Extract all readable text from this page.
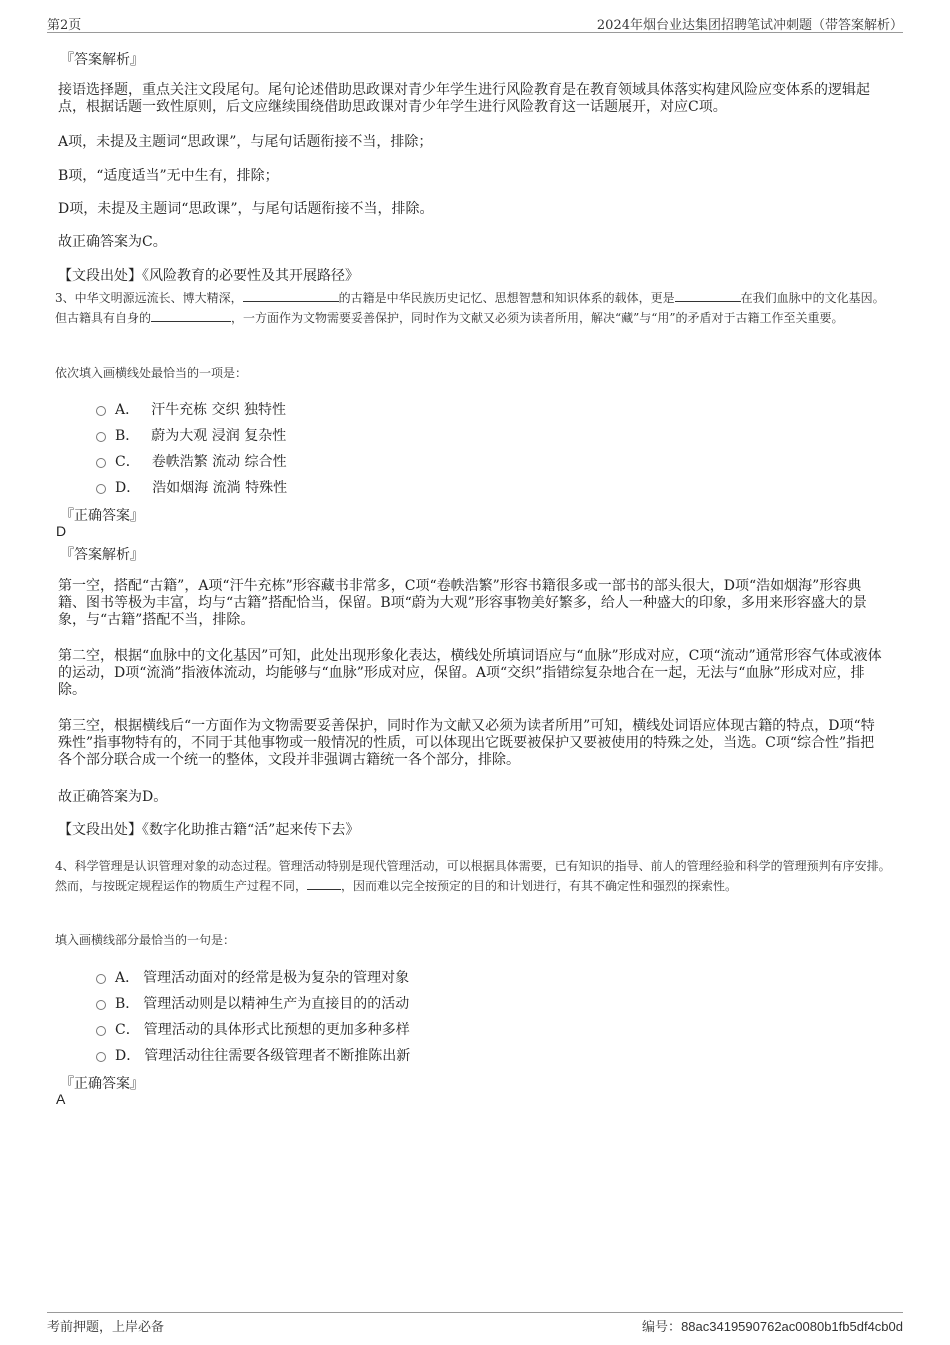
第2页	2024年烟台业达集团招聘笔试冲刺题（带答案解析）
『答案解析』

接语选择题，重点关注文段尾句。尾句论述借助思政课对青少年学生进行风险教育是在教育领域具体落实构建风险应变体系的逻辑起点，根据话题一致性原则，后文应继续围绕借助思政课对青少年学生进行风险教育这一话题展开，对应C项。

A项，未提及主题词“思政课”，与尾句话题衔接不当，排除；

B项，“适度适当”无中生有，排除；

D项，未提及主题词“思政课”，与尾句话题衔接不当，排除。

故正确答案为C。

【文段出处】《风险教育的必要性及其开展路径》

3、中华文明源远流长、博大精深，	的古籍是中华民族历史记忆、思想智慧和知识体系的载体，更是	在我们血脉中的文化基因。但古籍具有自身的	，一方面作为文物需要妥善保护，同时作为文献又必须为读者所用，解决“藏”与“用”的矛盾对于古籍工作至关重要。

依次填入画横线处最恰当的一项是：

A． 汗牛充栋 交织 独特性
B． 蔚为大观 浸润 复杂性
C． 卷帙浩繁 流动 综合性
D． 浩如烟海 流淌 特殊性
『正确答案』
D
『答案解析』

第一空，搭配“古籍”，A项“汗牛充栋”形容藏书非常多，C项“卷帙浩繁”形容书籍很多或一部书的部头很大，D项“浩如烟海”形容典籍、图书等极为丰富，均与“古籍”搭配恰当，保留。B项“蔚为大观”形容事物美好繁多，给人一种盛大的印象，多用来形容盛大的景象，与“古籍”搭配不当，排除。

第二空，根据“血脉中的文化基因”可知，此处出现形象化表达，横线处所填词语应与“血脉”形成对应，C项“流动”通常形容气体或液体的运动，D项“流淌”指液体流动，均能够与“血脉”形成对应，保留。A项“交织”指错综复杂地合在一起，无法与“血脉”形成对应，排除。

第三空，根据横线后“一方面作为文物需要妥善保护，同时作为文献又必须为读者所用”可知，横线处词语应体现古籍的特点，D项“特殊性”指事物特有的，不同于其他事物或一般情况的性质，可以体现出它既要被保护又要被使用的特殊之处，当选。C项“综合性”指把各个部分联合成一个统一的整体，文段并非强调古籍统一各个部分，排除。

故正确答案为D。

【文段出处】《数字化助推古籍“活”起来传下去》

4、科学管理是认识管理对象的动态过程。管理活动特别是现代管理活动，可以根据具体需要，已有知识的指导、前人的管理经验和科学的管理预判有序安排。然而，与按既定规程运作的物质生产过程不同，	，因而难以完全按预定的目的和计划进行，有其不确定性和强烈的探索性。

填入画横线部分最恰当的一句是：

A． 管理活动面对的经常是极为复杂的管理对象
B． 管理活动则是以精神生产为直接目的的活动
C． 管理活动的具体形式比预想的更加多种多样
D． 管理活动往往需要各级管理者不断推陈出新
『正确答案』
A
考前押题，上岸必备	编号：88ac3419590762ac0080b1fb5df4cb0d
